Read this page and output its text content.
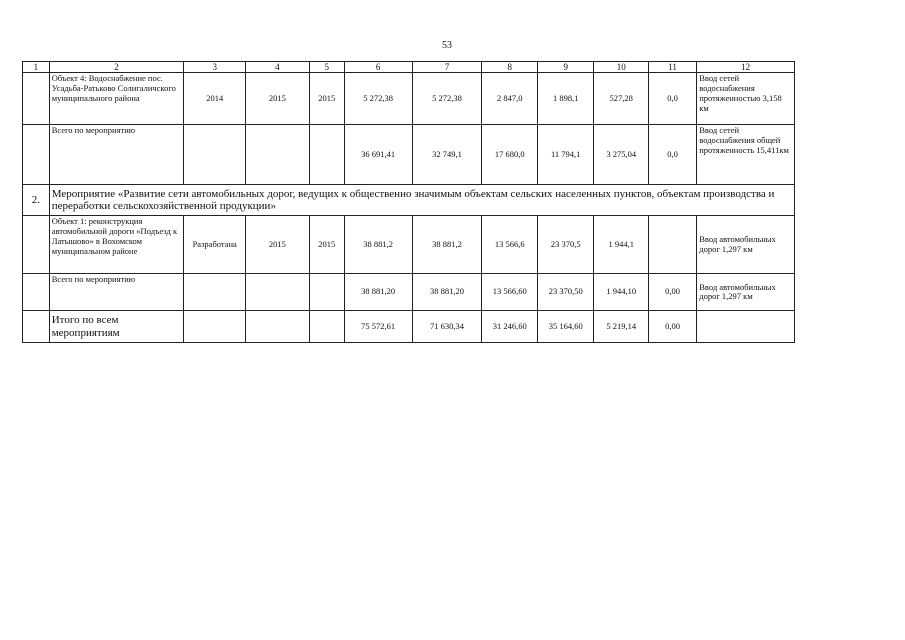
53
1	2	3	4	5	6	7	8	9	10	11	12
	Объект 4: Водоснабжение пос. Усадьба-Ратьково Солигаличского муниципального района	2014	2015	2015	5 272,38	5 272,38	2 847,0	1 898,1	527,28	0,0	Ввод сетей водоснабжения протяженностью 3,158 км
	Всего по мероприятию				36 691,41	32 749,1	17 680,0	11 794,1	3 275,04	0,0	Ввод сетей водоснабжения общей протяженность 15,411км
2.	Мероприятие «Развитие сети автомобильных дорог, ведущих к общественно значимым объектам сельских населенных пунктов, объектам производства и переработки сельскохозяйственной продукции»										
	Объект 1: реконструкция автомобильной дороги «Подъезд к Латышово» в Вохомском муниципальном районе	Разработана	2015	2015	38 881,2	38 881,2	13 566,6	23 370,5	1 944,1		Ввод автомобильных дорог 1,297 км
	Всего по мероприятию				38 881,20	38 881,20	13 566,60	23 370,50	1 944,10	0,00	Ввод автомобильных дорог 1,297 км
	Итого по всем мероприятиям				75 572,61	71 630,34	31 246,60	35 164,60	5 219,14	0,00	
